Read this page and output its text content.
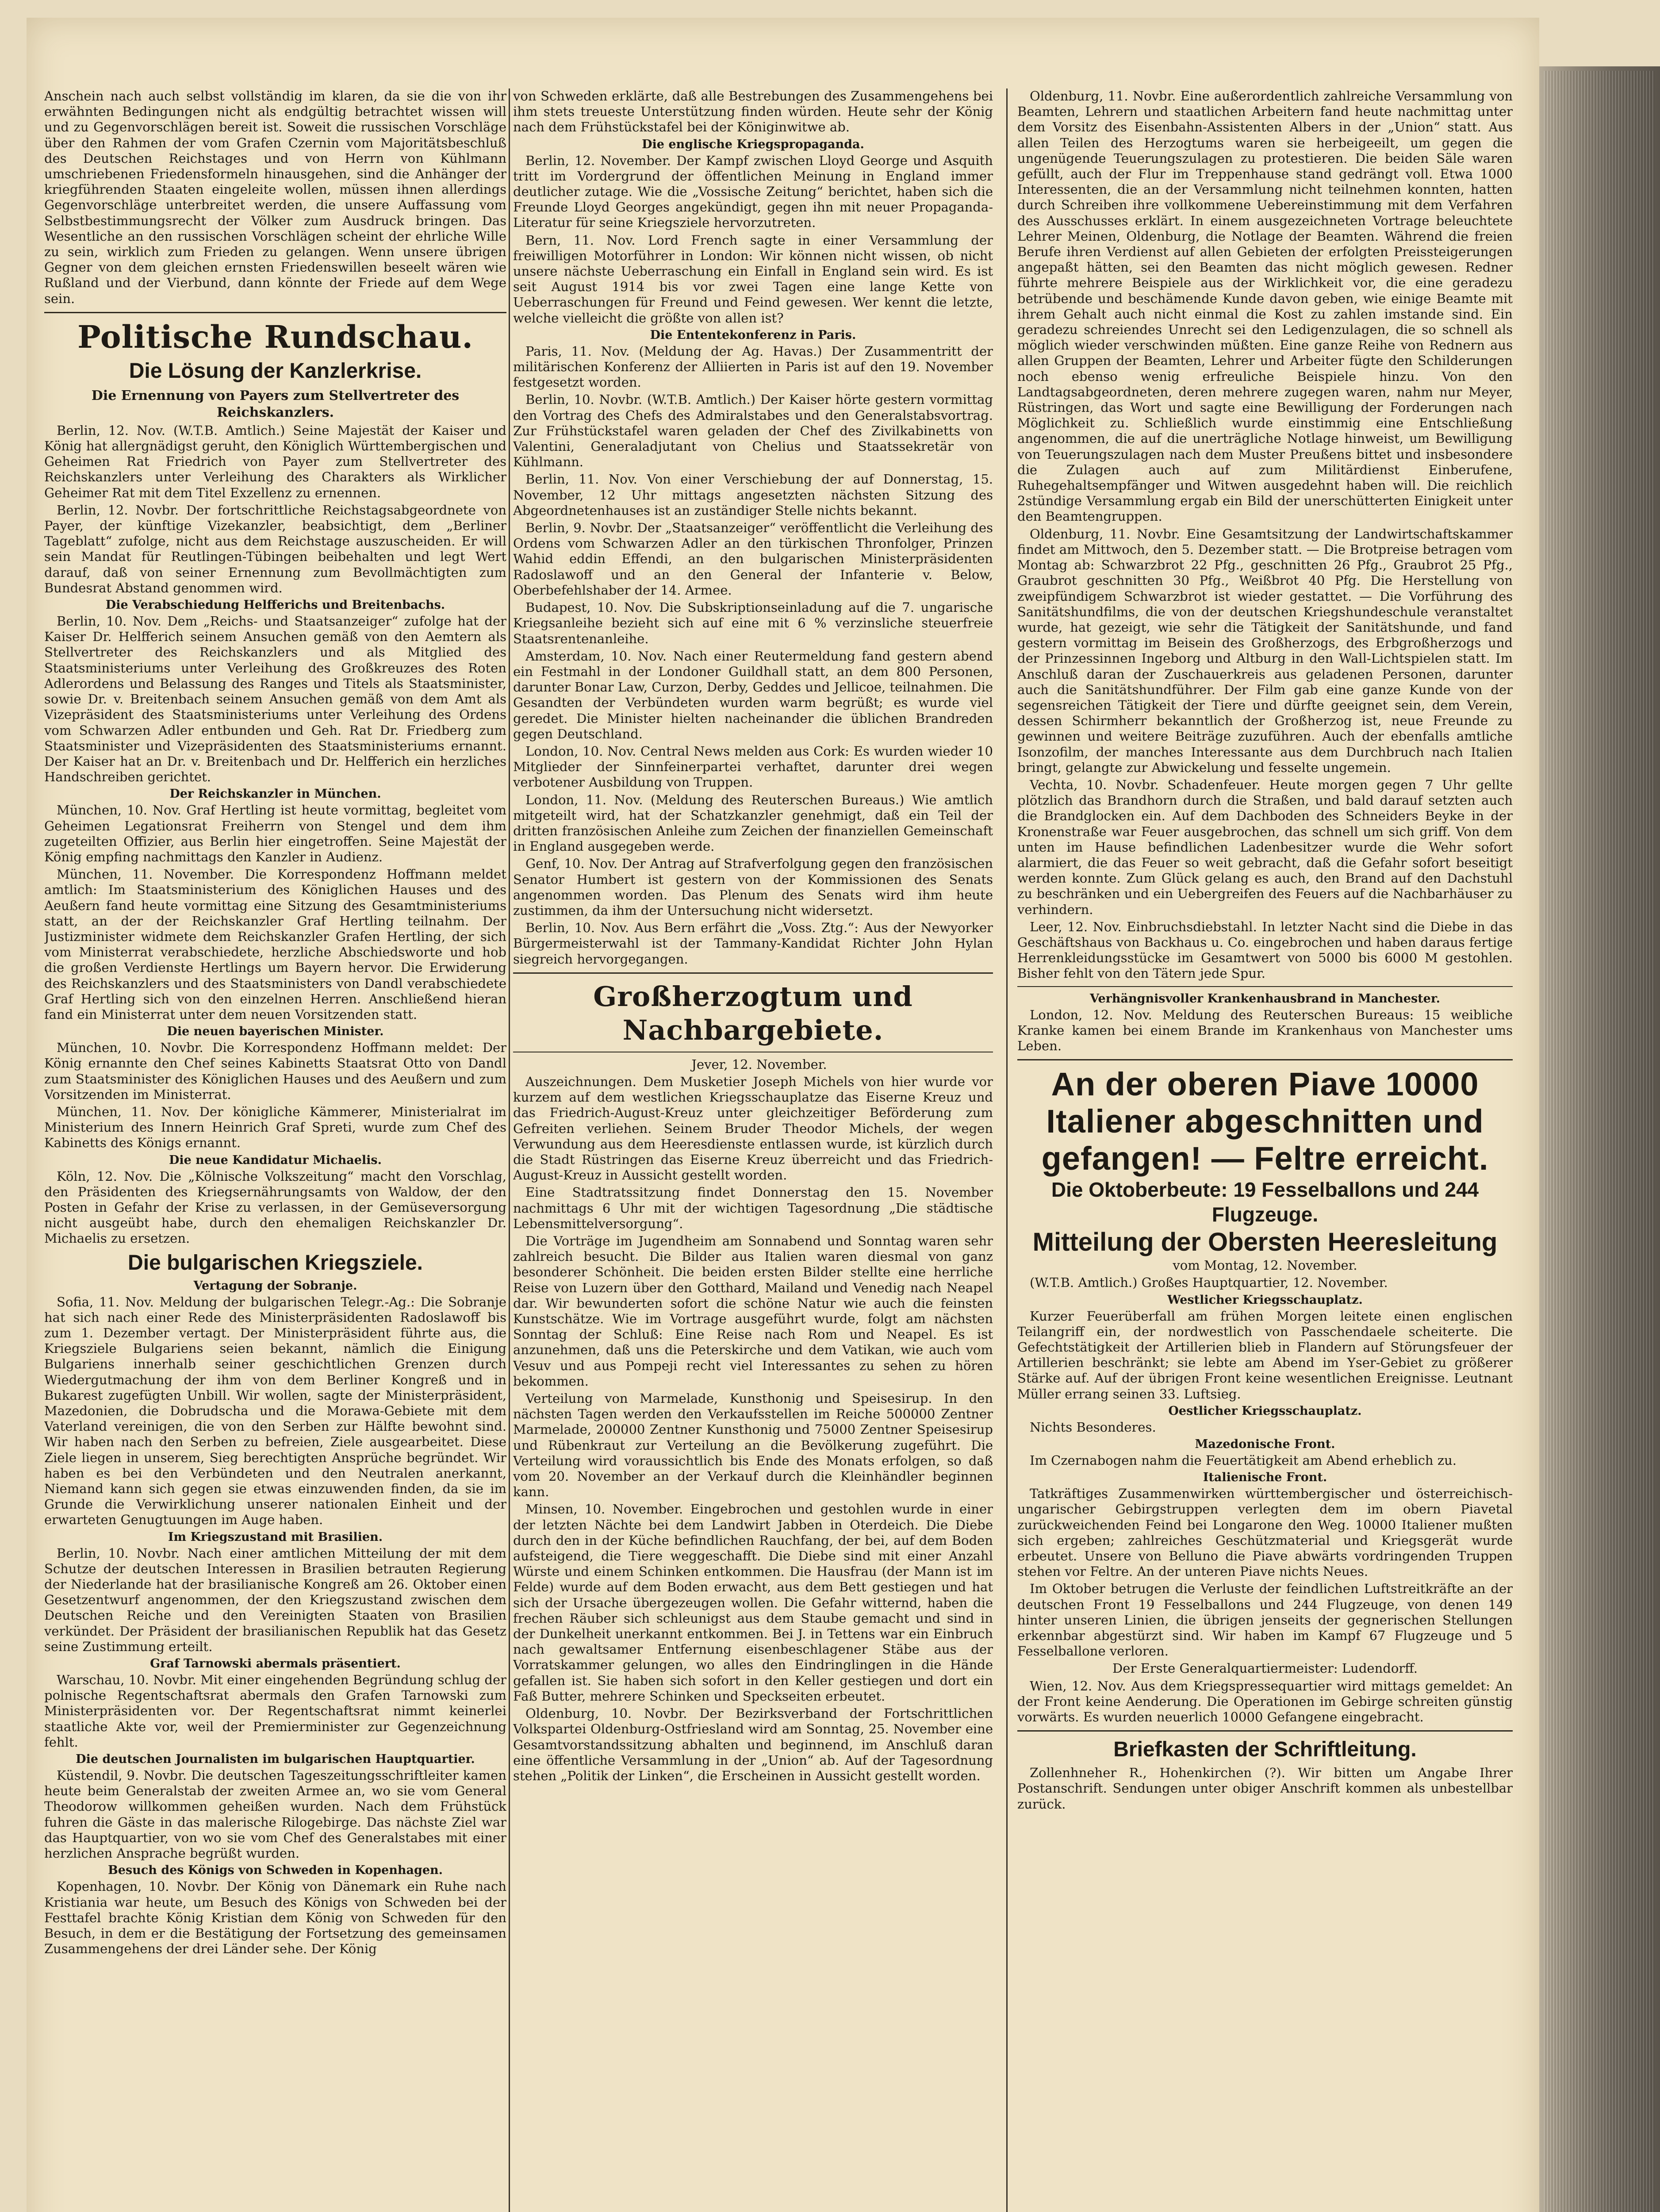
Anschein nach auch selbst vollständig im klaren, da sie die von ihr erwähnten Bedingungen nicht als endgültig betrachtet wissen will und zu Gegenvorschlägen bereit ist. Soweit die russischen Vorschläge über den Rahmen der vom Grafen Czernin vom Majoritätsbeschluß des Deutschen Reichstages und von Herrn von Kühlmann umschriebenen Friedensformeln hinausgehen, sind die Anhänger der kriegführenden Staaten eingeleite wollen, müssen ihnen allerdings Gegenvorschläge unterbreitet werden, die unsere Auffassung vom Selbstbestimmungsrecht der Völker zum Ausdruck bringen. Das Wesentliche an den russischen Vorschlägen scheint der ehrliche Wille zu sein, wirklich zum Frieden zu gelangen. Wenn unsere übrigen Gegner von dem gleichen ernsten Friedenswillen beseelt wären wie Rußland und der Vierbund, dann könnte der Friede auf dem Wege sein.

Politische Rundschau.
Die Lösung der Kanzlerkrise.
Die Ernennung von Payers zum Stellvertreter des Reichskanzlers.

Berlin, 12. Nov. (W.T.B. Amtlich.) Seine Majestät der Kaiser und König hat allergnädigst geruht, den Königlich Württembergischen und Geheimen Rat Friedrich von Payer zum Stellvertreter des Reichskanzlers unter Verleihung des Charakters als Wirklicher Geheimer Rat mit dem Titel Exzellenz zu ernennen.

Berlin, 12. Novbr. Der fortschrittliche Reichstagsabgeordnete von Payer, der künftige Vizekanzler, beabsichtigt, dem „Berliner Tageblatt“ zufolge, nicht aus dem Reichstage auszuscheiden. Er will sein Mandat für Reutlingen-Tübingen beibehalten und legt Wert darauf, daß von seiner Ernennung zum Bevollmächtigten zum Bundesrat Abstand genommen wird.

Die Verabschiedung Helfferichs und Breitenbachs.

Berlin, 10. Nov. Dem „Reichs- und Staatsanzeiger“ zufolge hat der Kaiser Dr. Helfferich seinem Ansuchen gemäß von den Aemtern als Stellvertreter des Reichskanzlers und als Mitglied des Staatsministeriums unter Verleihung des Großkreuzes des Roten Adlerordens und Belassung des Ranges und Titels als Staatsminister, sowie Dr. v. Breitenbach seinem Ansuchen gemäß von dem Amt als Vizepräsident des Staatsministeriums unter Verleihung des Ordens vom Schwarzen Adler entbunden und Geh. Rat Dr. Friedberg zum Staatsminister und Vizepräsidenten des Staatsministeriums ernannt. Der Kaiser hat an Dr. v. Breitenbach und Dr. Helfferich ein herzliches Handschreiben gerichtet.

Der Reichskanzler in München.

München, 10. Nov. Graf Hertling ist heute vormittag, begleitet vom Geheimen Legationsrat Freiherrn von Stengel und dem ihm zugeteilten Offizier, aus Berlin hier eingetroffen. Seine Majestät der König empfing nachmittags den Kanzler in Audienz.

München, 11. November. Die Korrespondenz Hoffmann meldet amtlich: Im Staatsministerium des Königlichen Hauses und des Aeußern fand heute vormittag eine Sitzung des Gesamtministeriums statt, an der der Reichskanzler Graf Hertling teilnahm. Der Justizminister widmete dem Reichskanzler Grafen Hertling, der sich vom Ministerrat verabschiedete, herzliche Abschiedsworte und hob die großen Verdienste Hertlings um Bayern hervor. Die Erwiderung des Reichskanzlers und des Staatsministers von Dandl verabschiedete Graf Hertling sich von den einzelnen Herren. Anschließend hieran fand ein Ministerrat unter dem neuen Vorsitzenden statt.

Die neuen bayerischen Minister.

München, 10. Novbr. Die Korrespondenz Hoffmann meldet: Der König ernannte den Chef seines Kabinetts Staatsrat Otto von Dandl zum Staatsminister des Königlichen Hauses und des Aeußern und zum Vorsitzenden im Ministerrat.

München, 11. Nov. Der königliche Kämmerer, Ministerialrat im Ministerium des Innern Heinrich Graf Spreti, wurde zum Chef des Kabinetts des Königs ernannt.

Die neue Kandidatur Michaelis.

Köln, 12. Nov. Die „Kölnische Volkszeitung“ macht den Vorschlag, den Präsidenten des Kriegsernährungsamts von Waldow, der den Posten in Gefahr der Krise zu verlassen, in der Gemüseversorgung nicht ausgeübt habe, durch den ehemaligen Reichskanzler Dr. Michaelis zu ersetzen.

Die bulgarischen Kriegsziele.
Vertagung der Sobranje.

Sofia, 11. Nov. Meldung der bulgarischen Telegr.-Ag.: Die Sobranje hat sich nach einer Rede des Ministerpräsidenten Radoslawoff bis zum 1. Dezember vertagt. Der Ministerpräsident führte aus, die Kriegsziele Bulgariens seien bekannt, nämlich die Einigung Bulgariens innerhalb seiner geschichtlichen Grenzen durch Wiedergutmachung der ihm von dem Berliner Kongreß und in Bukarest zugefügten Unbill. Wir wollen, sagte der Ministerpräsident, Mazedonien, die Dobrudscha und die Morawa-Gebiete mit dem Vaterland vereinigen, die von den Serben zur Hälfte bewohnt sind. Wir haben nach den Serben zu befreien, Ziele ausgearbeitet. Diese Ziele liegen in unserem, Sieg berechtigten Ansprüche begründet. Wir haben es bei den Verbündeten und den Neutralen anerkannt, Niemand kann sich gegen sie etwas einzuwenden finden, da sie im Grunde die Verwirklichung unserer nationalen Einheit und der erwarteten Genugtuungen im Auge haben.

Im Kriegszustand mit Brasilien.

Berlin, 10. Novbr. Nach einer amtlichen Mitteilung der mit dem Schutze der deutschen Interessen in Brasilien betrauten Regierung der Niederlande hat der brasilianische Kongreß am 26. Oktober einen Gesetzentwurf angenommen, der den Kriegszustand zwischen dem Deutschen Reiche und den Vereinigten Staaten von Brasilien verkündet. Der Präsident der brasilianischen Republik hat das Gesetz seine Zustimmung erteilt.

Graf Tarnowski abermals präsentiert.

Warschau, 10. Novbr. Mit einer eingehenden Begründung schlug der polnische Regentschaftsrat abermals den Grafen Tarnowski zum Ministerpräsidenten vor. Der Regentschaftsrat nimmt keinerlei staatliche Akte vor, weil der Premierminister zur Gegenzeichnung fehlt.

Die deutschen Journalisten im bulgarischen Hauptquartier.

Küstendil, 9. Novbr. Die deutschen Tageszeitungsschriftleiter kamen heute beim Generalstab der zweiten Armee an, wo sie vom General Theodorow willkommen geheißen wurden. Nach dem Frühstück fuhren die Gäste in das malerische Rilogebirge. Das nächste Ziel war das Hauptquartier, von wo sie vom Chef des Generalstabes mit einer herzlichen Ansprache begrüßt wurden.

Besuch des Königs von Schweden in Kopenhagen.

Kopenhagen, 10. Novbr. Der König von Dänemark ein Ruhe nach Kristiania war heute, um Besuch des Königs von Schweden bei der Festtafel brachte König Kristian dem König von Schweden für den Besuch, in dem er die Bestätigung der Fortsetzung des gemeinsamen Zusammengehens der drei Länder sehe. Der König

von Schweden erklärte, daß alle Bestrebungen des Zusammengehens bei ihm stets treueste Unterstützung finden würden. Heute sehr der König nach dem Frühstückstafel bei der Königinwitwe ab.

Die englische Kriegspropaganda.

Berlin, 12. November. Der Kampf zwischen Lloyd George und Asquith tritt im Vordergrund der öffentlichen Meinung in England immer deutlicher zutage. Wie die „Vossische Zeitung“ berichtet, haben sich die Freunde Lloyd Georges angekündigt, gegen ihn mit neuer Propaganda-Literatur für seine Kriegsziele hervorzutreten.

Bern, 11. Nov. Lord French sagte in einer Versammlung der freiwilligen Motorführer in London: Wir können nicht wissen, ob nicht unsere nächste Ueberraschung ein Einfall in England sein wird. Es ist seit August 1914 bis vor zwei Tagen eine lange Kette von Ueberraschungen für Freund und Feind gewesen. Wer kennt die letzte, welche vielleicht die größte von allen ist?

Die Ententekonferenz in Paris.

Paris, 11. Nov. (Meldung der Ag. Havas.) Der Zusammentritt der militärischen Konferenz der Alliierten in Paris ist auf den 19. November festgesetzt worden.

Berlin, 10. Novbr. (W.T.B. Amtlich.) Der Kaiser hörte gestern vormittag den Vortrag des Chefs des Admiralstabes und den Generalstabsvortrag. Zur Frühstückstafel waren geladen der Chef des Zivilkabinetts von Valentini, Generaladjutant von Chelius und Staatssekretär von Kühlmann.

Berlin, 11. Nov. Von einer Verschiebung der auf Donnerstag, 15. November, 12 Uhr mittags angesetzten nächsten Sitzung des Abgeordnetenhauses ist an zuständiger Stelle nichts bekannt.

Berlin, 9. Novbr. Der „Staatsanzeiger“ veröffentlicht die Verleihung des Ordens vom Schwarzen Adler an den türkischen Thronfolger, Prinzen Wahid eddin Effendi, an den bulgarischen Ministerpräsidenten Radoslawoff und an den General der Infanterie v. Below, Oberbefehlshaber der 14. Armee.

Budapest, 10. Nov. Die Subskriptionseinladung auf die 7. ungarische Kriegsanleihe bezieht sich auf eine mit 6 % verzinsliche steuerfreie Staatsrentenanleihe.

Amsterdam, 10. Nov. Nach einer Reutermeldung fand gestern abend ein Festmahl in der Londoner Guildhall statt, an dem 800 Personen, darunter Bonar Law, Curzon, Derby, Geddes und Jellicoe, teilnahmen. Die Gesandten der Verbündeten wurden warm begrüßt; es wurde viel geredet. Die Minister hielten nacheinander die üblichen Brandreden gegen Deutschland.

London, 10. Nov. Central News melden aus Cork: Es wurden wieder 10 Mitglieder der Sinnfeinerpartei verhaftet, darunter drei wegen verbotener Ausbildung von Truppen.

London, 11. Nov. (Meldung des Reuterschen Bureaus.) Wie amtlich mitgeteilt wird, hat der Schatzkanzler genehmigt, daß ein Teil der dritten französischen Anleihe zum Zeichen der finanziellen Gemeinschaft in England ausgegeben werde.

Genf, 10. Nov. Der Antrag auf Strafverfolgung gegen den französischen Senator Humbert ist gestern von der Kommissionen des Senats angenommen worden. Das Plenum des Senats wird ihm heute zustimmen, da ihm der Untersuchung nicht widersetzt.

Berlin, 10. Nov. Aus Bern erfährt die „Voss. Ztg.“: Aus der Newyorker Bürgermeisterwahl ist der Tammany-Kandidat Richter John Hylan siegreich hervorgegangen.

Großherzogtum und Nachbargebiete.

Jever, 12. November.

Auszeichnungen. Dem Musketier Joseph Michels von hier wurde vor kurzem auf dem westlichen Kriegsschauplatze das Eiserne Kreuz und das Friedrich-August-Kreuz unter gleichzeitiger Beförderung zum Gefreiten verliehen. Seinem Bruder Theodor Michels, der wegen Verwundung aus dem Heeresdienste entlassen wurde, ist kürzlich durch die Stadt Rüstringen das Eiserne Kreuz überreicht und das Friedrich-August-Kreuz in Aussicht gestellt worden.

Eine Stadtratssitzung findet Donnerstag den 15. November nachmittags 6 Uhr mit der wichtigen Tagesordnung „Die städtische Lebensmittelversorgung“.

Die Vorträge im Jugendheim am Sonnabend und Sonntag waren sehr zahlreich besucht. Die Bilder aus Italien waren diesmal von ganz besonderer Schönheit. Die beiden ersten Bilder stellte eine herrliche Reise von Luzern über den Gotthard, Mailand und Venedig nach Neapel dar. Wir bewunderten sofort die schöne Natur wie auch die feinsten Kunstschätze. Wie im Vortrage ausgeführt wurde, folgt am nächsten Sonntag der Schluß: Eine Reise nach Rom und Neapel. Es ist anzunehmen, daß uns die Peterskirche und dem Vatikan, wie auch vom Vesuv und aus Pompeji recht viel Interessantes zu sehen zu hören bekommen.

Verteilung von Marmelade, Kunsthonig und Speisesirup. In den nächsten Tagen werden den Verkaufsstellen im Reiche 500000 Zentner Marmelade, 200000 Zentner Kunsthonig und 75000 Zentner Speisesirup und Rübenkraut zur Verteilung an die Bevölkerung zugeführt. Die Verteilung wird voraussichtlich bis Ende des Monats erfolgen, so daß vom 20. November an der Verkauf durch die Kleinhändler beginnen kann.

Minsen, 10. November. Eingebrochen und gestohlen wurde in einer der letzten Nächte bei dem Landwirt Jabben in Oterdeich. Die Diebe durch den in der Küche befindlichen Rauchfang, der bei, auf dem Boden aufsteigend, die Tiere weggeschafft. Die Diebe sind mit einer Anzahl Würste und einem Schinken entkommen. Die Hausfrau (der Mann ist im Felde) wurde auf dem Boden erwacht, aus dem Bett gestiegen und hat sich der Ursache übergezeugen wollen. Die Gefahr witternd, haben die frechen Räuber sich schleunigst aus dem Staube gemacht und sind in der Dunkelheit unerkannt entkommen. Bei J. in Tettens war ein Einbruch nach gewaltsamer Entfernung eisenbeschlagener Stäbe aus der Vorratskammer gelungen, wo alles den Eindringlingen in die Hände gefallen ist. Sie haben sich sofort in den Keller gestiegen und dort ein Faß Butter, mehrere Schinken und Speckseiten erbeutet.

Oldenburg, 10. Novbr. Der Bezirksverband der Fortschrittlichen Volkspartei Oldenburg-Ostfriesland wird am Sonntag, 25. November eine Gesamtvorstandssitzung abhalten und beginnend, im Anschluß daran eine öffentliche Versammlung in der „Union“ ab. Auf der Tagesordnung stehen „Politik der Linken“, die Erscheinen in Aussicht gestellt worden.

Oldenburg, 11. Novbr. Eine außerordentlich zahlreiche Versammlung von Beamten, Lehrern und staatlichen Arbeitern fand heute nachmittag unter dem Vorsitz des Eisenbahn-Assistenten Albers in der „Union“ statt. Aus allen Teilen des Herzogtums waren sie herbeigeeilt, um gegen die ungenügende Teuerungszulagen zu protestieren. Die beiden Säle waren gefüllt, auch der Flur im Treppenhause stand gedrängt voll. Etwa 1000 Interessenten, die an der Versammlung nicht teilnehmen konnten, hatten durch Schreiben ihre vollkommene Uebereinstimmung mit dem Verfahren des Ausschusses erklärt. In einem ausgezeichneten Vortrage beleuchtete Lehrer Meinen, Oldenburg, die Notlage der Beamten. Während die freien Berufe ihren Verdienst auf allen Gebieten der erfolgten Preissteigerungen angepaßt hätten, sei den Beamten das nicht möglich gewesen. Redner führte mehrere Beispiele aus der Wirklichkeit vor, die eine geradezu betrübende und beschämende Kunde davon geben, wie einige Beamte mit ihrem Gehalt auch nicht einmal die Kost zu zahlen imstande sind. Ein geradezu schreiendes Unrecht sei den Ledigenzulagen, die so schnell als möglich wieder verschwinden müßten. Eine ganze Reihe von Rednern aus allen Gruppen der Beamten, Lehrer und Arbeiter fügte den Schilderungen noch ebenso wenig erfreuliche Beispiele hinzu. Von den Landtagsabgeordneten, deren mehrere zugegen waren, nahm nur Meyer, Rüstringen, das Wort und sagte eine Bewilligung der Forderungen nach Möglichkeit zu. Schließlich wurde einstimmig eine Entschließung angenommen, die auf die unerträgliche Notlage hinweist, um Bewilligung von Teuerungszulagen nach dem Muster Preußens bittet und insbesondere die Zulagen auch auf zum Militärdienst Einberufene, Ruhegehaltsempfänger und Witwen ausgedehnt haben will. Die reichlich 2stündige Versammlung ergab ein Bild der unerschütterten Einigkeit unter den Beamtengruppen.

Oldenburg, 11. Novbr. Eine Gesamtsitzung der Landwirtschaftskammer findet am Mittwoch, den 5. Dezember statt. — Die Brotpreise betragen vom Montag ab: Schwarzbrot 22 Pfg., geschnitten 26 Pfg., Graubrot 25 Pfg., Graubrot geschnitten 30 Pfg., Weißbrot 40 Pfg. Die Herstellung von zweipfündigem Schwarzbrot ist wieder gestattet. — Die Vorführung des Sanitätshundfilms, die von der deutschen Kriegshundeschule veranstaltet wurde, hat gezeigt, wie sehr die Tätigkeit der Sanitätshunde, und fand gestern vormittag im Beisein des Großherzogs, des Erbgroßherzogs und der Prinzessinnen Ingeborg und Altburg in den Wall-Lichtspielen statt. Im Anschluß daran der Zuschauerkreis aus geladenen Personen, darunter auch die Sanitätshundführer. Der Film gab eine ganze Kunde von der segensreichen Tätigkeit der Tiere und dürfte geeignet sein, dem Verein, dessen Schirmherr bekanntlich der Großherzog ist, neue Freunde zu gewinnen und weitere Beiträge zuzuführen. Auch der ebenfalls amtliche Isonzofilm, der manches Interessante aus dem Durchbruch nach Italien bringt, gelangte zur Abwickelung und fesselte ungemein.

Vechta, 10. Novbr. Schadenfeuer. Heute morgen gegen 7 Uhr gellte plötzlich das Brandhorn durch die Straßen, und bald darauf setzten auch die Brandglocken ein. Auf dem Dachboden des Schneiders Beyke in der Kronenstraße war Feuer ausgebrochen, das schnell um sich griff. Von dem unten im Hause befindlichen Ladenbesitzer wurde die Wehr sofort alarmiert, die das Feuer so weit gebracht, daß die Gefahr sofort beseitigt werden konnte. Zum Glück gelang es auch, den Brand auf den Dachstuhl zu beschränken und ein Uebergreifen des Feuers auf die Nachbarhäuser zu verhindern.

Leer, 12. Nov. Einbruchsdiebstahl. In letzter Nacht sind die Diebe in das Geschäftshaus von Backhaus u. Co. eingebrochen und haben daraus fertige Herrenkleidungsstücke im Gesamtwert von 5000 bis 6000 M gestohlen. Bisher fehlt von den Tätern jede Spur.

Verhängnisvoller Krankenhausbrand in Manchester.

London, 12. Nov. Meldung des Reuterschen Bureaus: 15 weibliche Kranke kamen bei einem Brande im Krankenhaus von Manchester ums Leben.

An der oberen Piave 10000 Italiener abgeschnitten und gefangen! — Feltre erreicht.
Die Oktoberbeute: 19 Fesselballons und 244 Flugzeuge.
Mitteilung der Obersten Heeresleitung

vom Montag, 12. November.

(W.T.B. Amtlich.) Großes Hauptquartier, 12. November.

Westlicher Kriegsschauplatz.

Kurzer Feuerüberfall am frühen Morgen leitete einen englischen Teilangriff ein, der nordwestlich von Passchendaele scheiterte. Die Gefechtstätigkeit der Artillerien blieb in Flandern auf Störungsfeuer der Artillerien beschränkt; sie lebte am Abend im Yser-Gebiet zu größerer Stärke auf. Auf der übrigen Front keine wesentlichen Ereignisse. Leutnant Müller errang seinen 33. Luftsieg.

Oestlicher Kriegsschauplatz.

Nichts Besonderes.

Mazedonische Front.

Im Czernabogen nahm die Feuertätigkeit am Abend erheblich zu.

Italienische Front.

Tatkräftiges Zusammenwirken württembergischer und österreichisch-ungarischer Gebirgstruppen verlegten dem im obern Piavetal zurückweichenden Feind bei Longarone den Weg. 10000 Italiener mußten sich ergeben; zahlreiches Geschützmaterial und Kriegsgerät wurde erbeutet. Unsere von Belluno die Piave abwärts vordringenden Truppen stehen vor Feltre. An der unteren Piave nichts Neues.

Im Oktober betrugen die Verluste der feindlichen Luftstreitkräfte an der deutschen Front 19 Fesselballons und 244 Flugzeuge, von denen 149 hinter unseren Linien, die übrigen jenseits der gegnerischen Stellungen erkennbar abgestürzt sind. Wir haben im Kampf 67 Flugzeuge und 5 Fesselballone verloren.

Der Erste Generalquartiermeister: Ludendorff.

Wien, 12. Nov. Aus dem Kriegspressequartier wird mittags gemeldet: An der Front keine Aenderung. Die Operationen im Gebirge schreiten günstig vorwärts. Es wurden neuerlich 10000 Gefangene eingebracht.

Briefkasten der Schriftleitung.

Zollenhneher R., Hohenkirchen (?). Wir bitten um Angabe Ihrer Postanschrift. Sendungen unter obiger Anschrift kommen als unbestellbar zurück.
